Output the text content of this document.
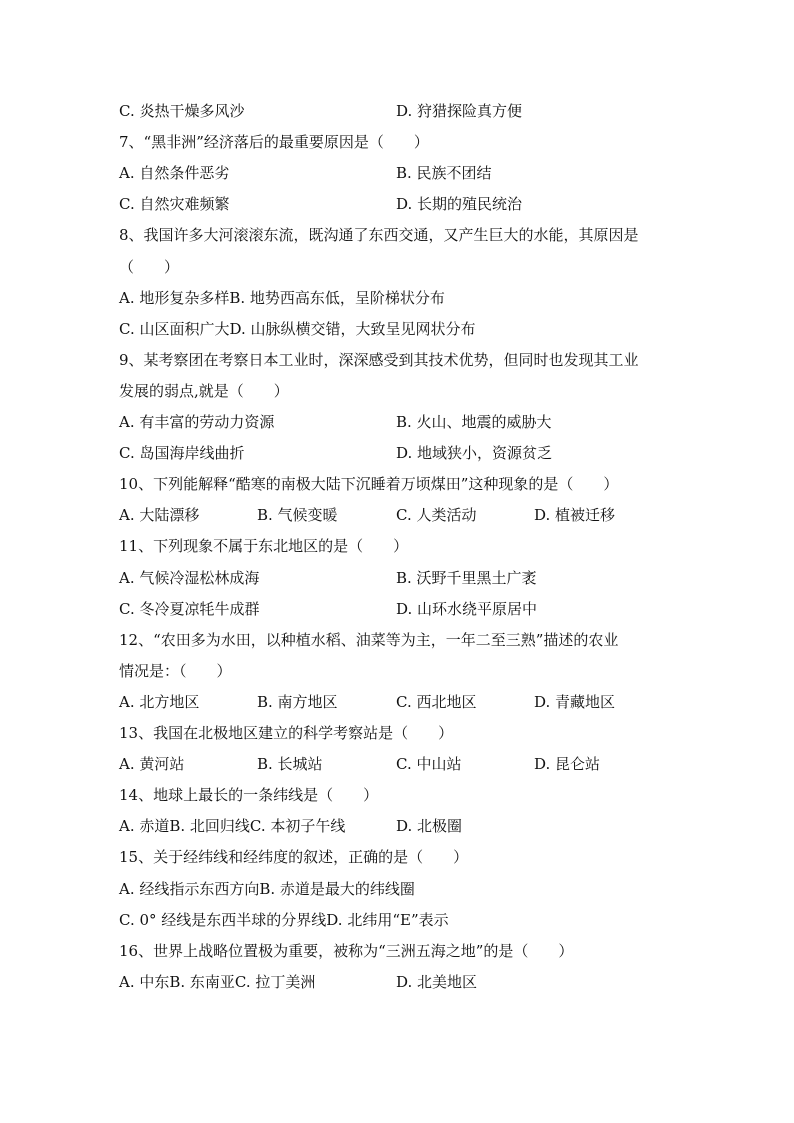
C. 炎热干燥多风沙	D. 狩猎探险真方便
7、“黑非洲”经济落后的最重要原因是（　　）
A. 自然条件恶劣	B. 民族不团结
C. 自然灾难频繁	D. 长期的殖民统治
8、我国许多大河滚滚东流，既沟通了东西交通，又产生巨大的水能，其原因是
（　　）
A. 地形复杂多样B. 地势西高东低，呈阶梯状分布
C. 山区面积广大D. 山脉纵横交错，大致呈见网状分布
9、某考察团在考察日本工业时，深深感受到其技术优势，但同时也发现其工业
发展的弱点,就是（　　）
A. 有丰富的劳动力资源	B. 火山、地震的威胁大
C. 岛国海岸线曲折	D. 地域狭小，资源贫乏
10、下列能解释“酷寒的南极大陆下沉睡着万顷煤田”这种现象的是（　　）
A. 大陆漂移	B. 气候变暖	C. 人类活动	D. 植被迁移
11、下列现象不属于东北地区的是（　　）
A. 气候冷湿松林成海	B. 沃野千里黑土广袤
C. 冬冷夏凉牦牛成群	D. 山环水绕平原居中
12、“农田多为水田，以种植水稻、油菜等为主，一年二至三熟”描述的农业
情况是：（　　）
A. 北方地区	B. 南方地区	C. 西北地区	D. 青藏地区
13、我国在北极地区建立的科学考察站是（　　）
A. 黄河站	B. 长城站	C. 中山站	D. 昆仑站
14、地球上最长的一条纬线是（　　）
A. 赤道B. 北回归线C. 本初子午线	D. 北极圈
15、关于经纬线和经纬度的叙述，正确的是（　　）
A. 经线指示东西方向B. 赤道是最大的纬线圈
C. 0° 经线是东西半球的分界线D. 北纬用“E”表示
16、世界上战略位置极为重要，被称为“三洲五海之地”的是（　　）
A. 中东B. 东南亚C. 拉丁美洲	D. 北美地区
